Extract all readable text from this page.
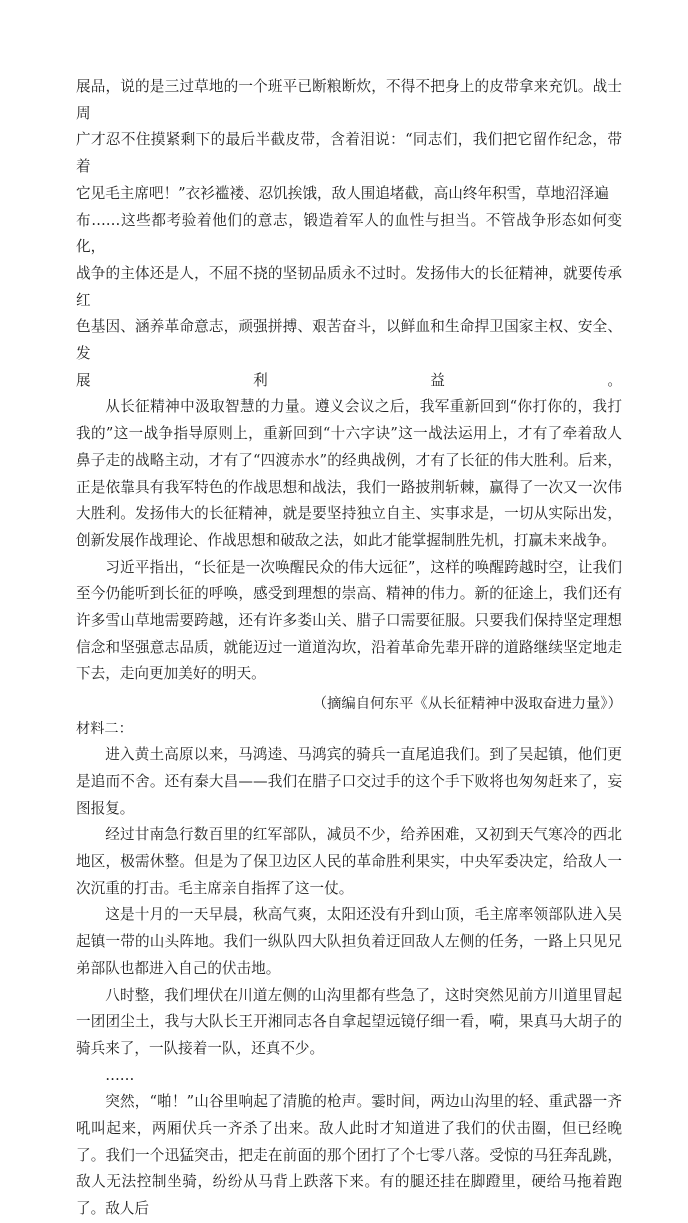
展品，说的是三过草地的一个班平已断粮断炊，不得不把身上的皮带拿来充饥。战士周

广才忍不住摸紧剩下的最后半截皮带，含着泪说：“同志们，我们把它留作纪念，带着

它见毛主席吧！”衣衫褴褛、忍饥挨饿，敌人围追堵截，高山终年积雪，草地沼泽遍

布……这些都考验着他们的意志，锻造着军人的血性与担当。不管战争形态如何变化，

战争的主体还是人，不屈不挠的坚韧品质永不过时。发扬伟大的长征精神，就要传承红

色基因、涵养革命意志，顽强拼搏、艰苦奋斗，以鲜血和生命捍卫国家主权、安全、发

展	利	益	。

从长征精神中汲取智慧的力量。遵义会议之后，我军重新回到“你打你的，我打我的”这一战争指导原则上，重新回到“十六字诀”这一战法运用上，才有了牵着敌人鼻子走的战略主动，才有了“四渡赤水”的经典战例，才有了长征的伟大胜利。后来，正是依靠具有我军特色的作战思想和战法，我们一路披荆斩棘，赢得了一次又一次伟大胜利。发扬伟大的长征精神，就是要坚持独立自主、实事求是，一切从实际出发，创新发展作战理论、作战思想和破敌之法，如此才能掌握制胜先机，打赢未来战争。

习近平指出，“长征是一次唤醒民众的伟大远征”，这样的唤醒跨越时空，让我们至今仍能听到长征的呼唤，感受到理想的崇高、精神的伟力。新的征途上，我们还有许多雪山草地需要跨越，还有许多娄山关、腊子口需要征服。只要我们保持坚定理想信念和坚强意志品质，就能迈过一道道沟坎，沿着革命先辈开辟的道路继续坚定地走下去，走向更加美好的明天。

（摘编自何东平《从长征精神中汲取奋进力量》）

材料二：

进入黄土高原以来，马鸿逵、马鸿宾的骑兵一直尾追我们。到了吴起镇，他们更是追而不舍。还有秦大昌——我们在腊子口交过手的这个手下败将也匆匆赶来了，妄图报复。

经过甘南急行数百里的红军部队，减员不少，给养困难，又初到天气寒冷的西北地区，极需休整。但是为了保卫边区人民的革命胜利果实，中央军委决定，给敌人一次沉重的打击。毛主席亲自指挥了这一仗。

这是十月的一天早晨，秋高气爽，太阳还没有升到山顶，毛主席率领部队进入吴起镇一带的山头阵地。我们一纵队四大队担负着迂回敌人左侧的任务，一路上只见兄弟部队也都进入自己的伏击地。

八时整，我们埋伏在川道左侧的山沟里都有些急了，这时突然见前方川道里冒起一团团尘土，我与大队长王开湘同志各自拿起望远镜仔细一看，嗬，果真马大胡子的骑兵来了，一队接着一队，还真不少。

……

突然，“啪！”山谷里响起了清脆的枪声。霎时间，两边山沟里的轻、重武器一齐吼叫起来，两厢伏兵一齐杀了出来。敌人此时才知道进了我们的伏击圈，但已经晚了。我们一个迅猛突击，把走在前面的那个团打了个七零八落。受惊的马狂奔乱跳，敌人无法控制坐骑，纷纷从马背上跌落下来。有的腿还挂在脚蹬里，硬给马拖着跑了。敌人后
